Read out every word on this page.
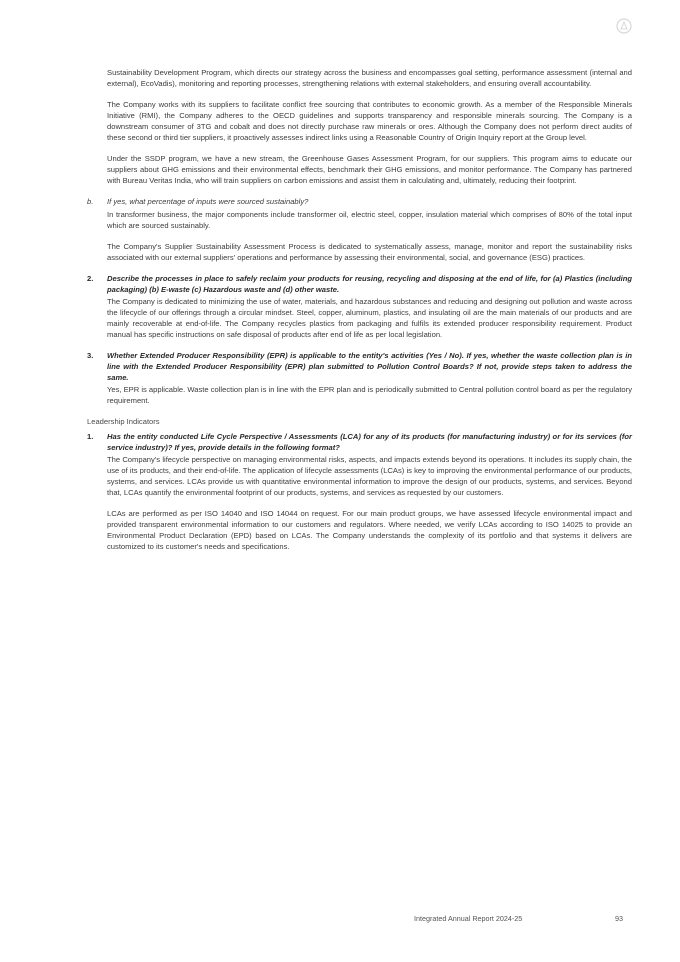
Sustainability Development Program, which directs our strategy across the business and encompasses goal setting, performance assessment (internal and external), EcoVadis), monitoring and reporting processes, strengthening relations with external stakeholders, and ensuring overall accountability.

The Company works with its suppliers to facilitate conflict free sourcing that contributes to economic growth. As a member of the Responsible Minerals Initiative (RMI), the Company adheres to the OECD guidelines and supports transparency and responsible minerals sourcing. The Company is a downstream consumer of 3TG and cobalt and does not directly purchase raw minerals or ores. Although the Company does not perform direct audits of these second or third tier suppliers, it proactively assesses indirect links using a Reasonable Country of Origin Inquiry report at the Group level.

Under the SSDP program, we have a new stream, the Greenhouse Gases Assessment Program, for our suppliers. This program aims to educate our suppliers about GHG emissions and their environmental effects, benchmark their GHG emissions, and monitor performance. The Company has partnered with Bureau Veritas India, who will train suppliers on carbon emissions and assist them in calculating and, ultimately, reducing their footprint.

b. If yes, what percentage of inputs were sourced sustainably?

In transformer business, the major components include transformer oil, electric steel, copper, insulation material which comprises of 80% of the total input which are sourced sustainably.

The Company's Supplier Sustainability Assessment Process is dedicated to systematically assess, manage, monitor and report the sustainability risks associated with our external suppliers' operations and performance by assessing their environmental, social, and governance (ESG) practices.

2. Describe the processes in place to safely reclaim your products for reusing, recycling and disposing at the end of life, for (a) Plastics (including packaging) (b) E-waste (c) Hazardous waste and (d) other waste.

The Company is dedicated to minimizing the use of water, materials, and hazardous substances and reducing and designing out pollution and waste across the lifecycle of our offerings through a circular mindset. Steel, copper, aluminum, plastics, and insulating oil are the main materials of our products and are mainly recoverable at end-of-life. The Company recycles plastics from packaging and fulfils its extended producer responsibility requirement. Product manual has specific instructions on safe disposal of products after end of life as per local legislation.

3. Whether Extended Producer Responsibility (EPR) is applicable to the entity's activities (Yes / No). If yes, whether the waste collection plan is in line with the Extended Producer Responsibility (EPR) plan submitted to Pollution Control Boards? If not, provide steps taken to address the same.

Yes, EPR is applicable. Waste collection plan is in line with the EPR plan and is periodically submitted to Central pollution control board as per the regulatory requirement.

Leadership Indicators
1. Has the entity conducted Life Cycle Perspective / Assessments (LCA) for any of its products (for manufacturing industry) or for its services (for service industry)? If yes, provide details in the following format?

The Company's lifecycle perspective on managing environmental risks, aspects, and impacts extends beyond its operations. It includes its supply chain, the use of its products, and their end-of-life. The application of lifecycle assessments (LCAs) is key to improving the environmental performance of our products, systems, and services. LCAs provide us with quantitative environmental information to improve the design of our products, systems, and services. Beyond that, LCAs quantify the environmental footprint of our products, systems, and services as requested by our customers.

LCAs are performed as per ISO 14040 and ISO 14044 on request. For our main product groups, we have assessed lifecycle environmental impact and provided transparent environmental information to our customers and regulators. Where needed, we verify LCAs according to ISO 14025 to provide an Environmental Product Declaration (EPD) based on LCAs. The Company understands the complexity of its portfolio and that systems it delivers are customized to its customer's needs and specifications.

Integrated Annual Report 2024-25	93
